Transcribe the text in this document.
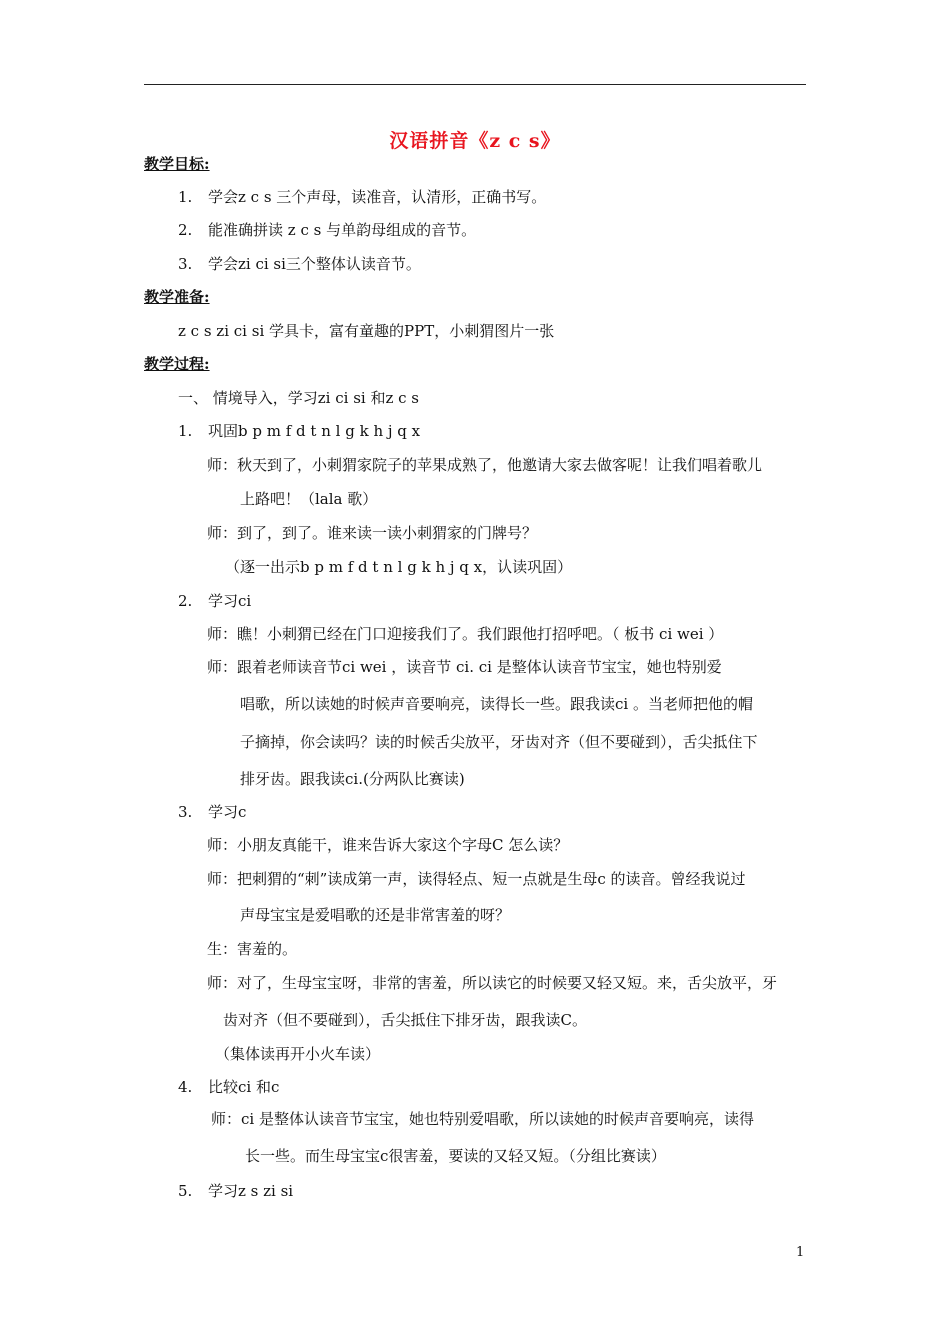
汉语拼音《z c s》
教学目标:
1. 学会z c s 三个声母，读准音，认清形，正确书写。
2. 能准确拼读 z c s 与单韵母组成的音节。
3. 学会zi ci si三个整体认读音节。
教学准备:
z c s zi ci si 学具卡，富有童趣的PPT，小刺猬图片一张
教学过程:
一、 情境导入，学习zi ci si 和z c s
1. 巩固b p m f d t n l g k h j q x
师：秋天到了，小刺猬家院子的苹果成熟了，他邀请大家去做客呢！让我们唱着歌儿
上路吧！（lala 歌）
师：到了，到了。谁来读一读小刺猬家的门牌号？
（逐一出示b p m f d t n l g k h j q x，认读巩固）
2. 学习ci
师：瞧！小刺猬已经在门口迎接我们了。我们跟他打招呼吧。（ 板书 ci wei ）
师：跟着老师读音节ci wei ，读音节 ci. ci 是整体认读音节宝宝，她也特别爱
唱歌，所以读她的时候声音要响亮，读得长一些。跟我读ci 。当老师把他的帽
子摘掉，你会读吗？读的时候舌尖放平，牙齿对齐（但不要碰到），舌尖抵住下
排牙齿。跟我读ci.(分两队比赛读)
3. 学习c
师：小朋友真能干，谁来告诉大家这个字母C 怎么读？
师：把刺猬的“刺”读成第一声，读得轻点、短一点就是生母c 的读音。曾经我说过
声母宝宝是爱唱歌的还是非常害羞的呀？
生：害羞的。
师：对了，生母宝宝呀，非常的害羞，所以读它的时候要又轻又短。来，舌尖放平，牙
齿对齐（但不要碰到），舌尖抵住下排牙齿，跟我读C。
（集体读再开小火车读）
4. 比较ci 和c
师：ci 是整体认读音节宝宝，她也特别爱唱歌，所以读她的时候声音要响亮，读得
长一些。而生母宝宝c很害羞，要读的又轻又短。（分组比赛读）
5. 学习z s zi si
1
